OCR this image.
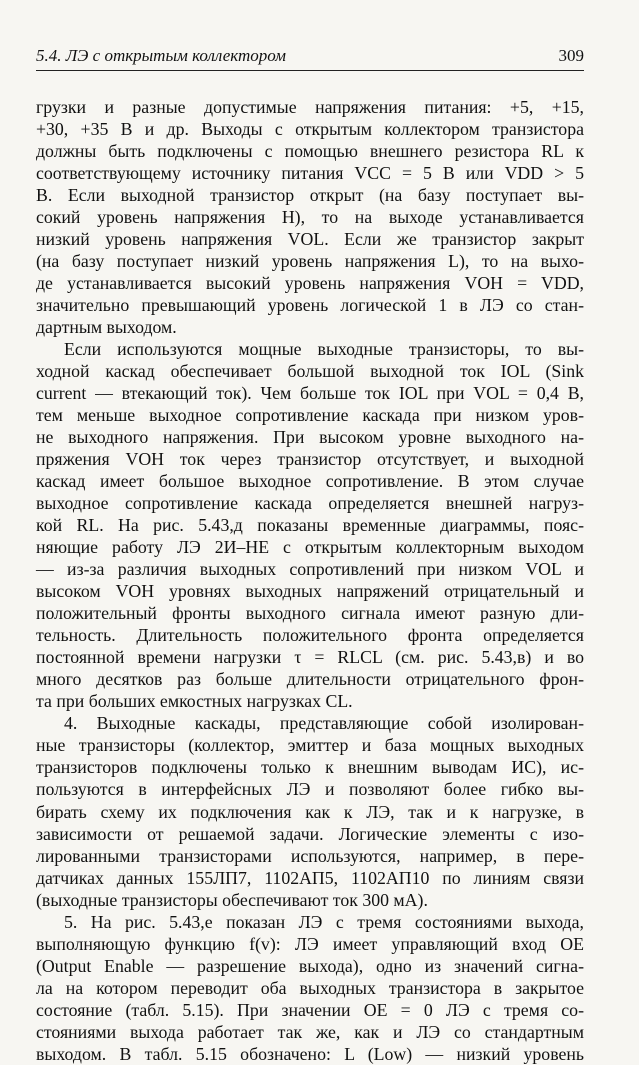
5.4. ЛЭ с открытым коллектором	309
грузки и разные допустимые напряжения питания: +5, +15,
+30, +35 В и др. Выходы с открытым коллектором транзистора
должны быть подключены с помощью внешнего резистора RL к
соответствующему источнику питания VCC = 5 В или VDD > 5
В. Если выходной транзистор открыт (на базу поступает вы-
сокий уровень напряжения H), то на выходе устанавливается
низкий уровень напряжения VOL. Если же транзистор закрыт
(на базу поступает низкий уровень напряжения L), то на выхо-
де устанавливается высокий уровень напряжения VOH = VDD,
значительно превышающий уровень логической 1 в ЛЭ со стан-
дартным выходом.
Если используются мощные выходные транзисторы, то вы-
ходной каскад обеспечивает большой выходной ток IOL (Sink
current — втекающий ток). Чем больше ток IOL при VOL = 0,4 В,
тем меньше выходное сопротивление каскада при низком уров-
не выходного напряжения. При высоком уровне выходного на-
пряжения VOH ток через транзистор отсутствует, и выходной
каскад имеет большое выходное сопротивление. В этом случае
выходное сопротивление каскада определяется внешней нагруз-
кой RL. На рис. 5.43,д показаны временные диаграммы, пояс-
няющие работу ЛЭ 2И–НЕ с открытым коллекторным выходом
— из-за различия выходных сопротивлений при низком VOL и
высоком VOH уровнях выходных напряжений отрицательный и
положительный фронты выходного сигнала имеют разную дли-
тельность. Длительность положительного фронта определяется
постоянной времени нагрузки τ = RLCL (см. рис. 5.43,в) и во
много десятков раз больше длительности отрицательного фрон-
та при больших емкостных нагрузках CL.
4. Выходные каскады, представляющие собой изолирован-
ные транзисторы (коллектор, эмиттер и база мощных выходных
транзисторов подключены только к внешним выводам ИС), ис-
пользуются в интерфейсных ЛЭ и позволяют более гибко вы-
бирать схему их подключения как к ЛЭ, так и к нагрузке, в
зависимости от решаемой задачи. Логические элементы с изо-
лированными транзисторами используются, например, в пере-
датчиках данных 155ЛП7, 1102АП5, 1102АП10 по линиям связи
(выходные транзисторы обеспечивают ток 300 мА).
5. На рис. 5.43,е показан ЛЭ с тремя состояниями выхода,
выполняющую функцию f(v): ЛЭ имеет управляющий вход OE
(Output Enable — разрешение выхода), одно из значений сигна-
ла на котором переводит оба выходных транзистора в закрытое
состояние (табл. 5.15). При значении OE = 0 ЛЭ с тремя со-
стояниями выхода работает так же, как и ЛЭ со стандартным
выходом. В табл. 5.15 обозначено: L (Low) — низкий уровень
